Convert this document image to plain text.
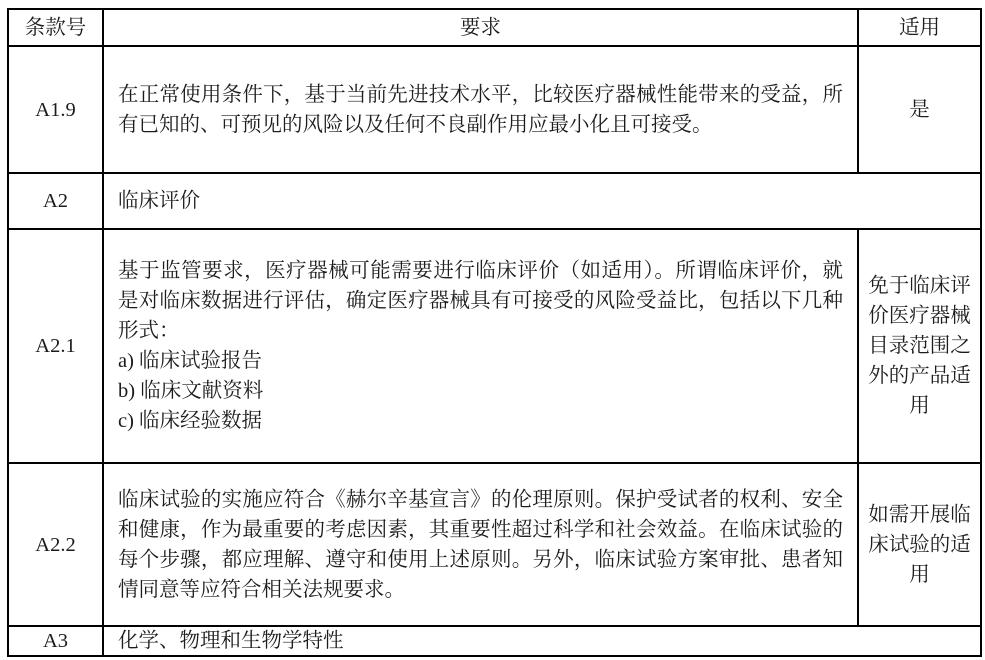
条款号	要求	适用
A1.9	在正常使用条件下，基于当前先进技术水平，比较医疗器械性能带来的受益，所有已知的、可预见的风险以及任何不良副作用应最小化且可接受。	是
A2	临床评价	
A2.1	基于监管要求，医疗器械可能需要进行临床评价（如适用）。所谓临床评价，就是对临床数据进行评估，确定医疗器械具有可接受的风险受益比，包括以下几种形式：
a) 临床试验报告
b) 临床文献资料
c) 临床经验数据	免于临床评价医疗器械目录范围之外的产品适用
A2.2	临床试验的实施应符合《赫尔辛基宣言》的伦理原则。保护受试者的权利、安全和健康，作为最重要的考虑因素，其重要性超过科学和社会效益。在临床试验的每个步骤，都应理解、遵守和使用上述原则。另外，临床试验方案审批、患者知情同意等应符合相关法规要求。	如需开展临床试验的适用
A3	化学、物理和生物学特性	
